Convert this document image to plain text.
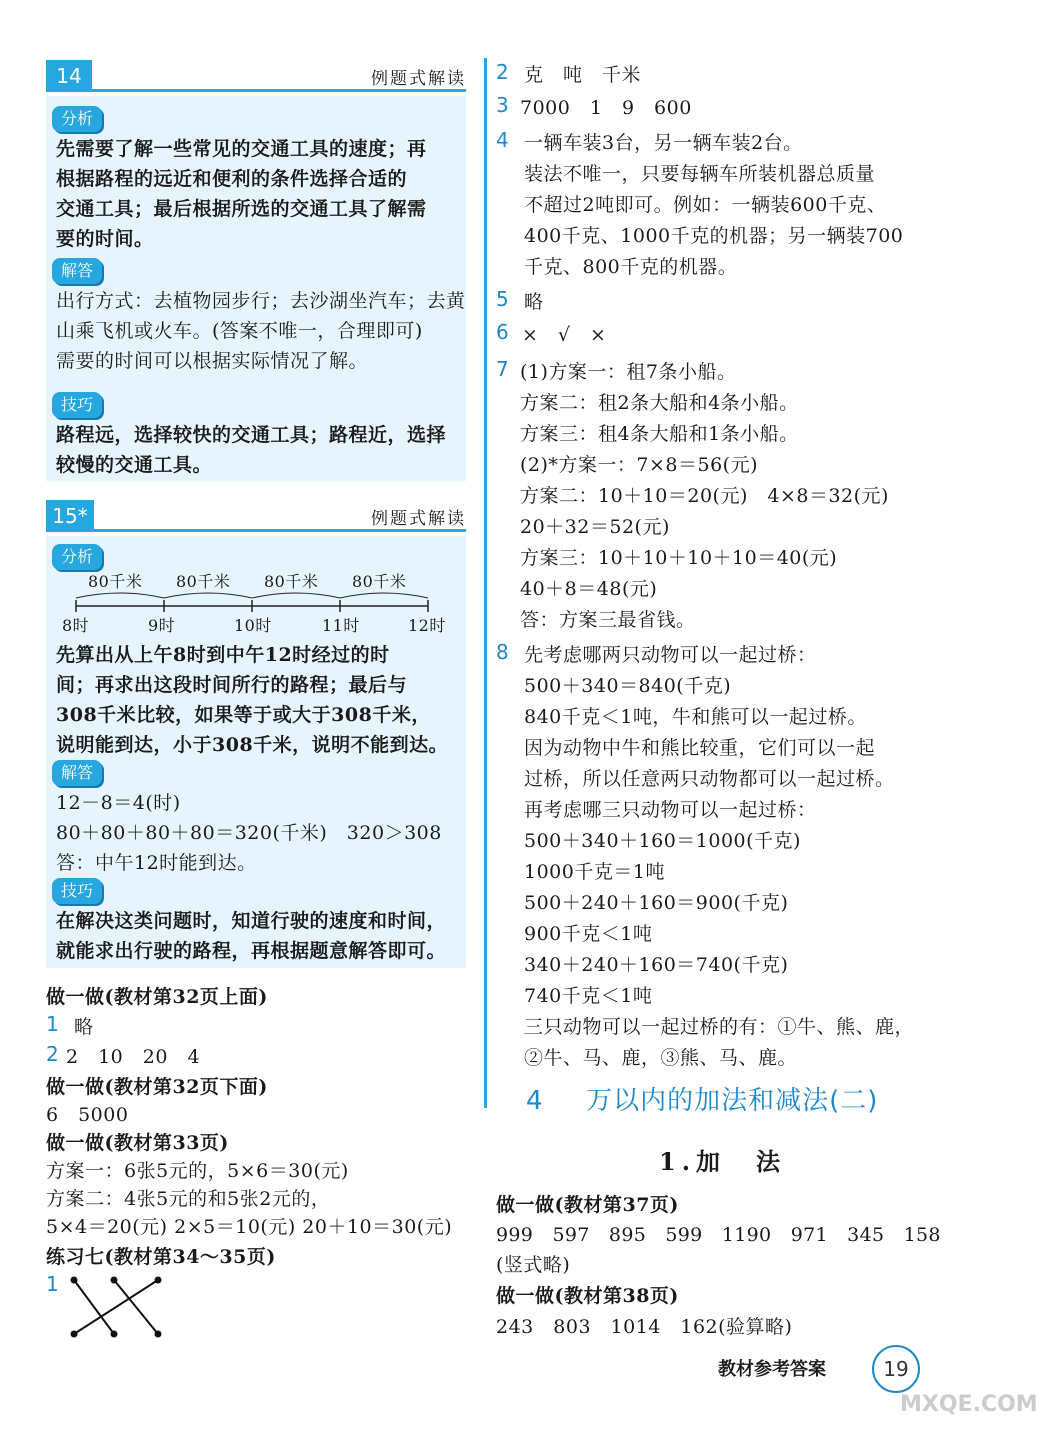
14	例题式解读
分析
先需要了解一些常见的交通工具的速度；再
根据路程的远近和便利的条件选择合适的
交通工具；最后根据所选的交通工具了解需
要的时间。
解答
出行方式：去植物园步行；去沙湖坐汽车；去黄
山乘飞机或火车。(答案不唯一，合理即可)
需要的时间可以根据实际情况了解。
技巧
路程远，选择较快的交通工具；路程近，选择
较慢的交通工具。
15*	例题式解读
分析
80千米 80千米 80千米 80千米
8时	9时	10时	11时	12时
先算出从上午8时到中午12时经过的时
间；再求出这段时间所行的路程；最后与
308千米比较，如果等于或大于308千米，
说明能到达，小于308千米，说明不能到达。
解答
12－8＝4(时)
80＋80＋80＋80＝320(千米)　320＞308
答：中午12时能到达。
技巧
在解决这类问题时，知道行驶的速度和时间，
就能求出行驶的路程，再根据题意解答即可。
做一做(教材第32页上面)
1 略
2 2　10　20　4
做一做(教材第32页下面)
6　5000
做一做(教材第33页)
方案一：6张5元的，5×6＝30(元)
方案二：4张5元的和5张2元的，
5×4＝20(元) 2×5＝10(元) 20＋10＝30(元)
练习七(教材第34～35页)
1
2 克　吨　千米
3 7000　1　9　600
4 一辆车装3台，另一辆车装2台。
装法不唯一，只要每辆车所装机器总质量
不超过2吨即可。例如：一辆装600千克、
400千克、1000千克的机器；另一辆装700
千克、800千克的机器。
5 略
6 ×　√　×
7 (1)方案一：租7条小船。
方案二：租2条大船和4条小船。
方案三：租4条大船和1条小船。
(2)*方案一：7×8＝56(元)
方案二：10＋10＝20(元)　4×8＝32(元)
20＋32＝52(元)
方案三：10＋10＋10＋10＝40(元)
40＋8＝48(元)
答：方案三最省钱。
8 先考虑哪两只动物可以一起过桥：
500＋340＝840(千克)
840千克＜1吨，牛和熊可以一起过桥。
因为动物中牛和熊比较重，它们可以一起
过桥，所以任意两只动物都可以一起过桥。
再考虑哪三只动物可以一起过桥：
500＋340＋160＝1000(千克)
1000千克＝1吨
500＋240＋160＝900(千克)
900千克＜1吨
340＋240＋160＝740(千克)
740千克＜1吨
三只动物可以一起过桥的有：①牛、熊、鹿，
②牛、马、鹿，③熊、马、鹿。
4 万以内的加法和减法(二)
1.加　法
做一做(教材第37页)
999　597　895　599　1190　971　345　158
(竖式略)
做一做(教材第38页)
243　803　1014　162(验算略)
教材参考答案	19
MXQE.COM
